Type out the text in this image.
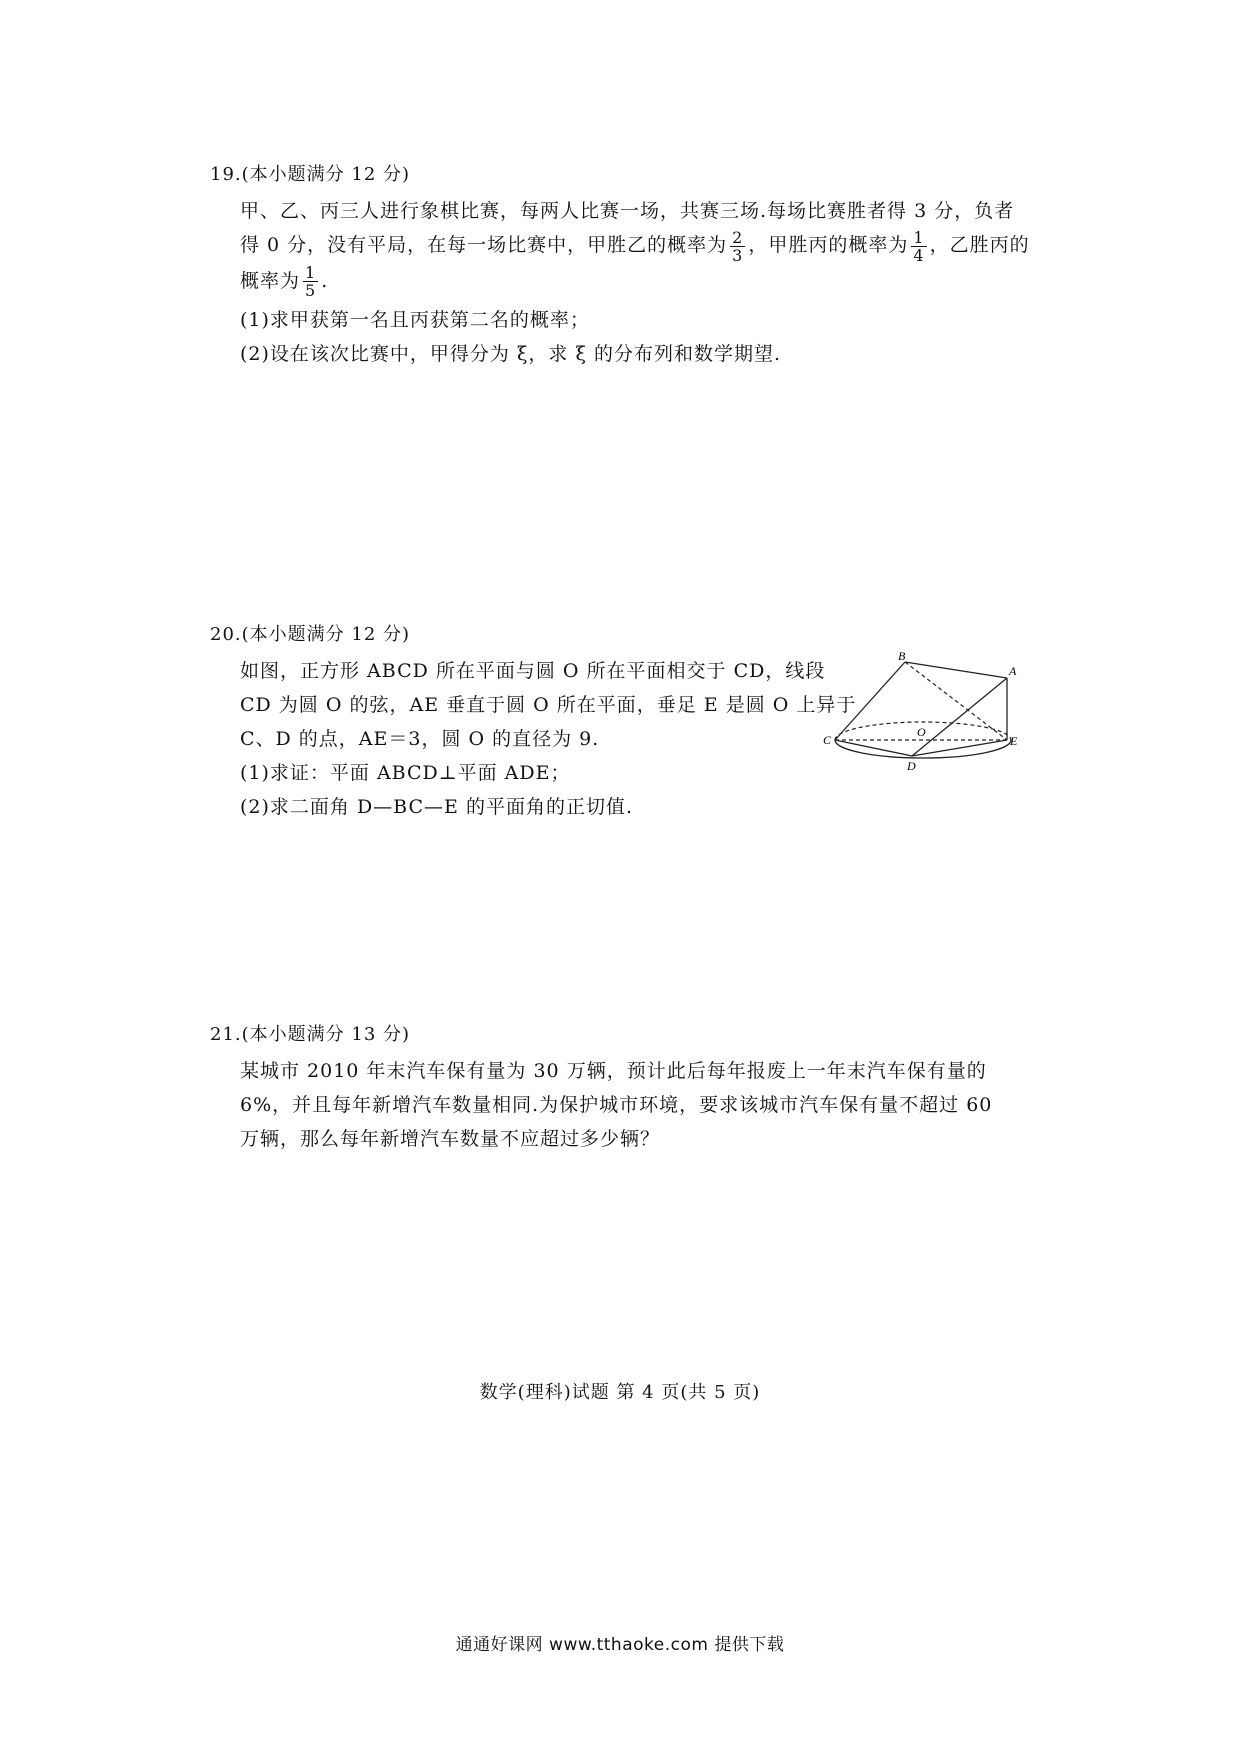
19.(本小题满分 12 分)
甲、乙、丙三人进行象棋比赛，每两人比赛一场，共赛三场.每场比赛胜者得 3 分，负者
得 0 分，没有平局，在每一场比赛中，甲胜乙的概率为 $\frac{2}{3}$ ，甲胜丙的概率为 $\frac{1}{4}$ ，乙胜丙的
概率为 $\frac{1}{5}$ .
(1)求甲获第一名且丙获第二名的概率；
(2)设在该次比赛中，甲得分为 ξ，求 ξ 的分布列和数学期望.
20.(本小题满分 12 分)
如图，正方形 ABCD 所在平面与圆 O 所在平面相交于 CD，线段
CD 为圆 O 的弦，AE 垂直于圆 O 所在平面，垂足 E 是圆 O 上异于
C、D 的点，AE＝3，圆 O 的直径为 9.
(1)求证：平面 ABCD⊥平面 ADE；
(2)求二面角 D—BC—E 的平面角的正切值.
B
A
C
D
E
O
21.(本小题满分 13 分)
某城市 2010 年末汽车保有量为 30 万辆，预计此后每年报废上一年末汽车保有量的
6%，并且每年新增汽车数量相同.为保护城市环境，要求该城市汽车保有量不超过 60
万辆，那么每年新增汽车数量不应超过多少辆？
数学(理科)试题 第 4 页(共 5 页)
通通好课网 www.tthaoke.com 提供下载
